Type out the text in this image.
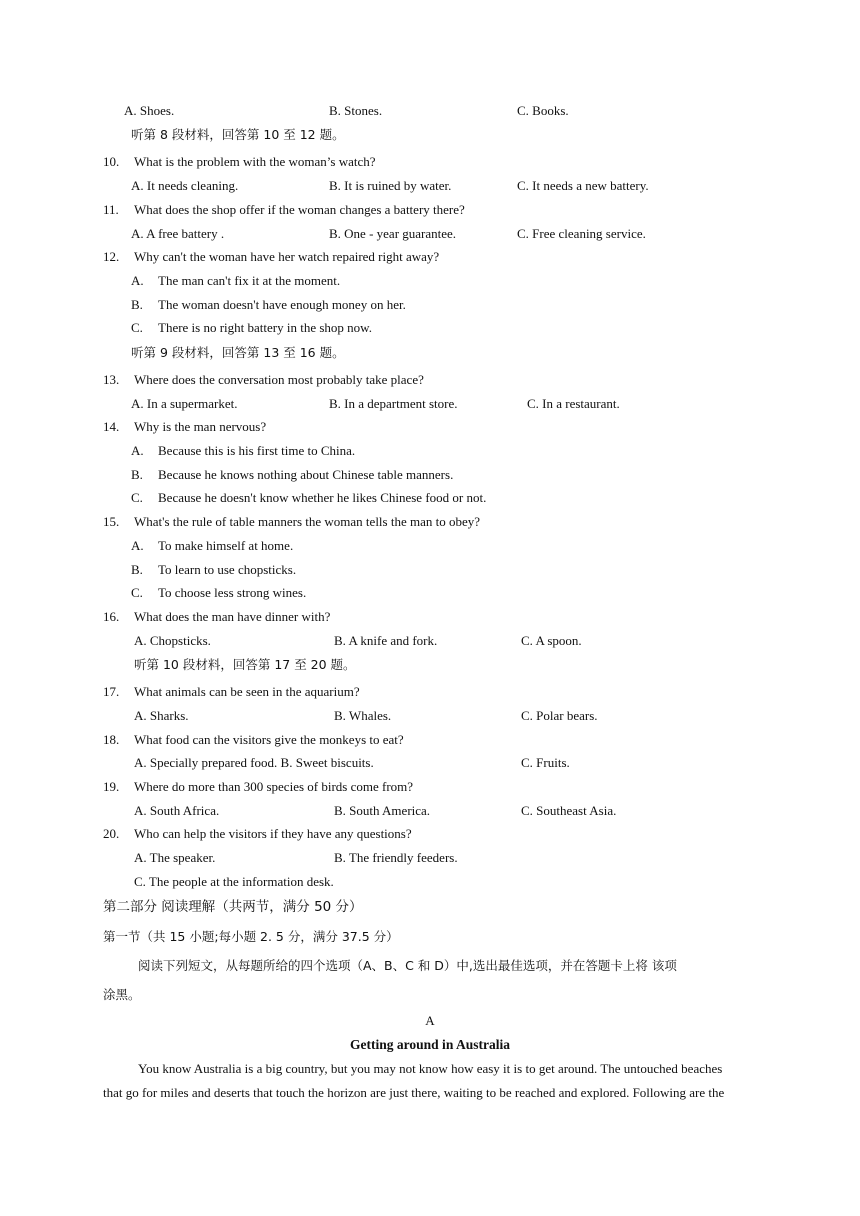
A. Shoes.	B. Stones.	C. Books.
听第 8 段材料，回答第 10 至 12 题。
10. What is the problem with the woman’s watch?
A. It needs cleaning.	B. It is ruined by water.	C. It needs a new battery.
11. What does the shop offer if the woman changes a battery there?
A. A free battery .	B. One - year guarantee.	C. Free cleaning service.
12. Why can't the woman have her watch repaired right away?
A. The man can't fix it at the moment.
B. The woman doesn't have enough money on her.
C. There is no right battery in the shop now.
听第 9 段材料，回答第 13 至 16 题。
13. Where does the conversation most probably take place?
A. In a supermarket.	B. In a department store.	C. In a restaurant.
14. Why is the man nervous?
A. Because this is his first time to China.
B. Because he knows nothing about Chinese table manners.
C. Because he doesn't know whether he likes Chinese food or not.
15. What's the rule of table manners the woman tells the man to obey?
A. To make himself at home.
B. To learn to use chopsticks.
C. To choose less strong wines.
16. What does the man have dinner with?
A. Chopsticks.	B. A knife and fork.	C. A spoon.
听第 10 段材料，回答第 17 至 20 题。
17. What animals can be seen in the aquarium?
A. Sharks.	B. Whales.	C. Polar bears.
18. What food can the visitors give the monkeys to eat?
A. Specially prepared food. B. Sweet biscuits.	C. Fruits.
19. Where do more than 300 species of birds come from?
A. South Africa.	B. South America.	C. Southeast Asia.
20. Who can help the visitors if they have any questions?
A. The speaker.	B. The friendly feeders.
C. The people at the information desk.
第二部分 阅读理解（共两节，满分 50 分）
第一节（共 15 小题;每小题 2. 5 分，满分 37.5 分）
阅读下列短文，从每题所给的四个选项（A、B、C 和 D）中,选出最佳选项，并在答题卡上将 该项
涂黑。
A
Getting around in Australia
You know Australia is a big country, but you may not know how easy it is to get around. The untouched beaches
that go for miles and deserts that touch the horizon are just there, waiting to be reached and explored. Following are the
